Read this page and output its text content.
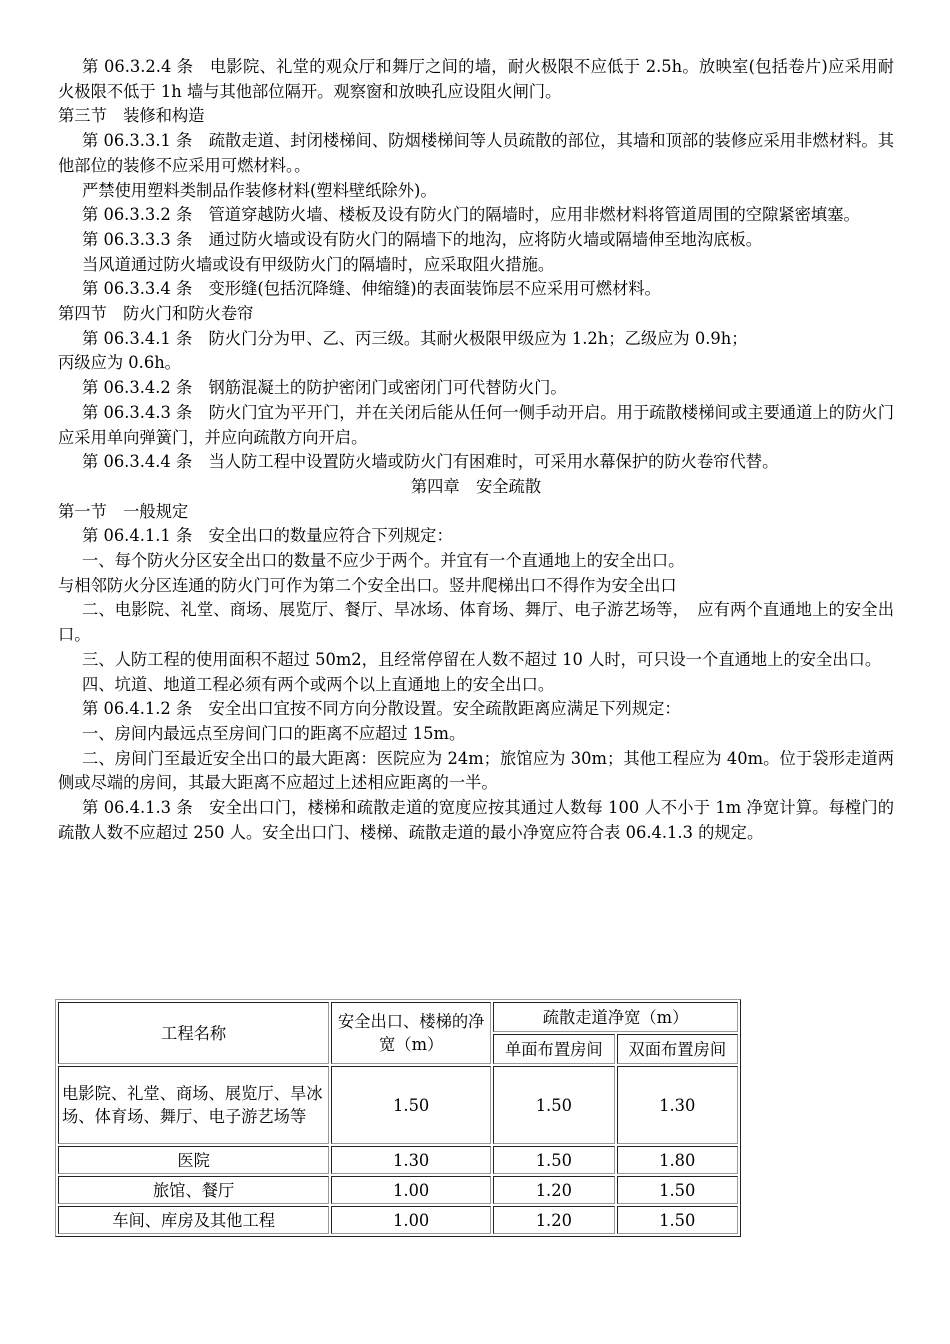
第 06.3.2.4 条　电影院、礼堂的观众厅和舞厅之间的墙，耐火极限不应低于 2.5h。放映室(包括卷片)应采用耐火极限不低于 1h 墙与其他部位隔开。观察窗和放映孔应设阻火闸门。

第三节　装修和构造

第 06.3.3.1 条　疏散走道、封闭楼梯间、防烟楼梯间等人员疏散的部位，其墙和顶部的装修应采用非燃材料。其他部位的装修不应采用可燃材料。。

严禁使用塑料类制品作装修材料(塑料壁纸除外)。

第 06.3.3.2 条　管道穿越防火墙、楼板及设有防火门的隔墙时，应用非燃材料将管道周围的空隙紧密填塞。

第 06.3.3.3 条　通过防火墙或设有防火门的隔墙下的地沟，应将防火墙或隔墙伸至地沟底板。

当风道通过防火墙或设有甲级防火门的隔墙时，应采取阻火措施。

第 06.3.3.4 条　变形缝(包括沉降缝、伸缩缝)的表面装饰层不应采用可燃材料。

第四节　防火门和防火卷帘

第 06.3.4.1 条　防火门分为甲、乙、丙三级。其耐火极限甲级应为 1.2h；乙级应为 0.9h；

丙级应为 0.6h。

第 06.3.4.2 条　钢筋混凝土的防护密闭门或密闭门可代替防火门。

第 06.3.4.3 条　防火门宜为平开门，并在关闭后能从任何一侧手动开启。用于疏散楼梯间或主要通道上的防火门应采用单向弹簧门，并应向疏散方向开启。

第 06.3.4.4 条　当人防工程中设置防火墙或防火门有困难时，可采用水幕保护的防火卷帘代替。

第四章　安全疏散

第一节　一般规定

第 06.4.1.1 条　安全出口的数量应符合下列规定：

一、每个防火分区安全出口的数量不应少于两个。并宜有一个直通地上的安全出口。

与相邻防火分区连通的防火门可作为第二个安全出口。竖井爬梯出口不得作为安全出口

二、电影院、礼堂、商场、展览厅、餐厅、旱冰场、体育场、舞厅、电子游艺场等，　应有两个直通地上的安全出口。

三、人防工程的使用面积不超过 50m2，且经常停留在人数不超过 10 人时，可只设一个直通地上的安全出口。

四、坑道、地道工程必须有两个或两个以上直通地上的安全出口。

第 06.4.1.2 条　安全出口宜按不同方向分散设置。安全疏散距离应满足下列规定：

一、房间内最远点至房间门口的距离不应超过 15m。

二、房间门至最近安全出口的最大距离：医院应为 24m；旅馆应为 30m；其他工程应为 40m。位于袋形走道两侧或尽端的房间，其最大距离不应超过上述相应距离的一半。

第 06.4.1.3 条　安全出口门，楼梯和疏散走道的宽度应按其通过人数每 100 人不小于 1m 净宽计算。每樘门的疏散人数不应超过 250 人。安全出口门、楼梯、疏散走道的最小净宽应符合表 06.4.1.3 的规定。

工程名称	安全出口、楼梯的净宽（m）	疏散走道净宽（m）	
		单面布置房间	双面布置房间
电影院、礼堂、商场、展览厅、旱冰场、体育场、舞厅、电子游艺场等	1.50	1.50	1.30
医院	1.30	1.50	1.80
旅馆、餐厅	1.00	1.20	1.50
车间、库房及其他工程	1.00	1.20	1.50
